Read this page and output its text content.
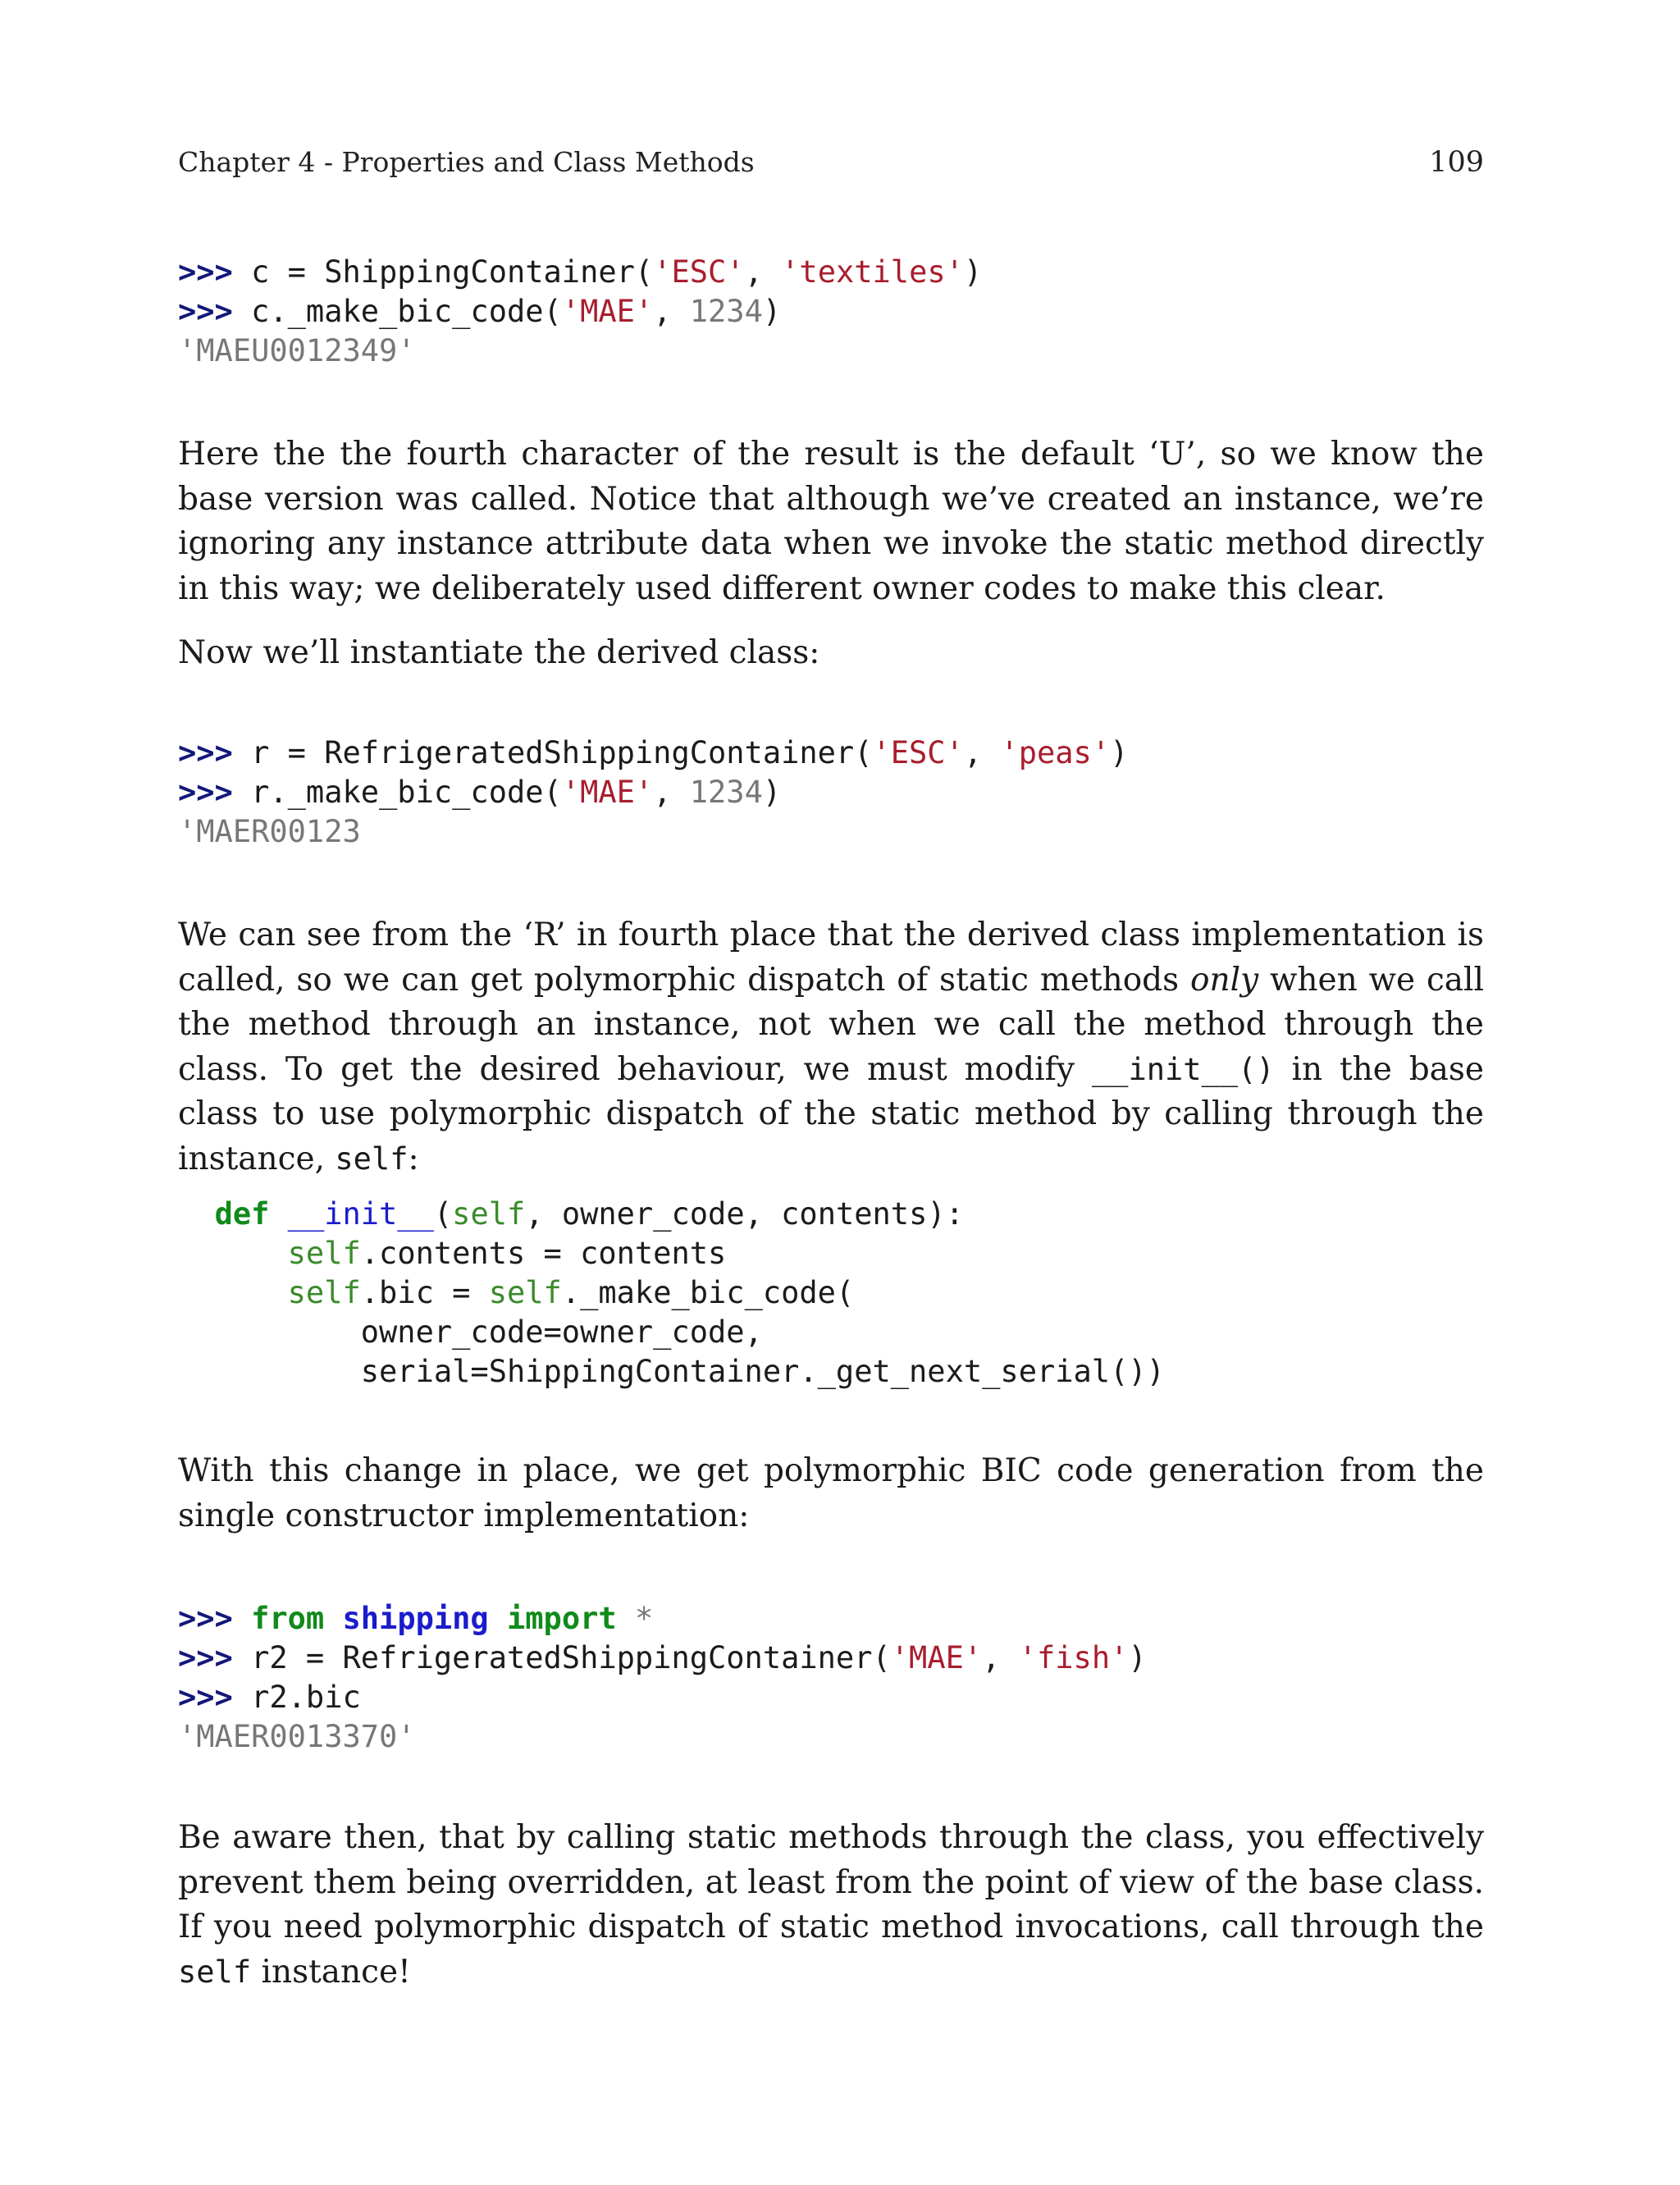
Chapter 4 - Properties and Class Methods	109
>>> c = ShippingContainer('ESC', 'textiles')
>>> c._make_bic_code('MAE', 1234)
'MAEU0012349'

Here the the fourth character of the result is the default ‘U’, so we know the base version was called. Notice that although we’ve created an instance, we’re ignoring any instance attribute data when we invoke the static method directly in this way; we deliberately used different owner codes to make this clear.

Now we’ll instantiate the derived class:

>>> r = RefrigeratedShippingContainer('ESC', 'peas')
>>> r._make_bic_code('MAE', 1234)
'MAER00123

We can see from the ‘R’ in fourth place that the derived class implementation is called, so we can get polymorphic dispatch of static methods only when we call the method through an instance, not when we call the method through the class. To get the desired behaviour, we must modify __init__() in the base class to use polymorphic dispatch of the static method by calling through the instance, self:

def __init__(self, owner_code, contents):
self.contents = contents
self.bic = self._make_bic_code(
owner_code=owner_code,
serial=ShippingContainer._get_next_serial())

With this change in place, we get polymorphic BIC code generation from the single constructor implementation:

>>> from shipping import *
>>> r2 = RefrigeratedShippingContainer('MAE', 'fish')
>>> r2.bic
'MAER0013370'

Be aware then, that by calling static methods through the class, you effectively prevent them being overridden, at least from the point of view of the base class. If you need polymorphic dispatch of static method invocations, call through the self instance!
